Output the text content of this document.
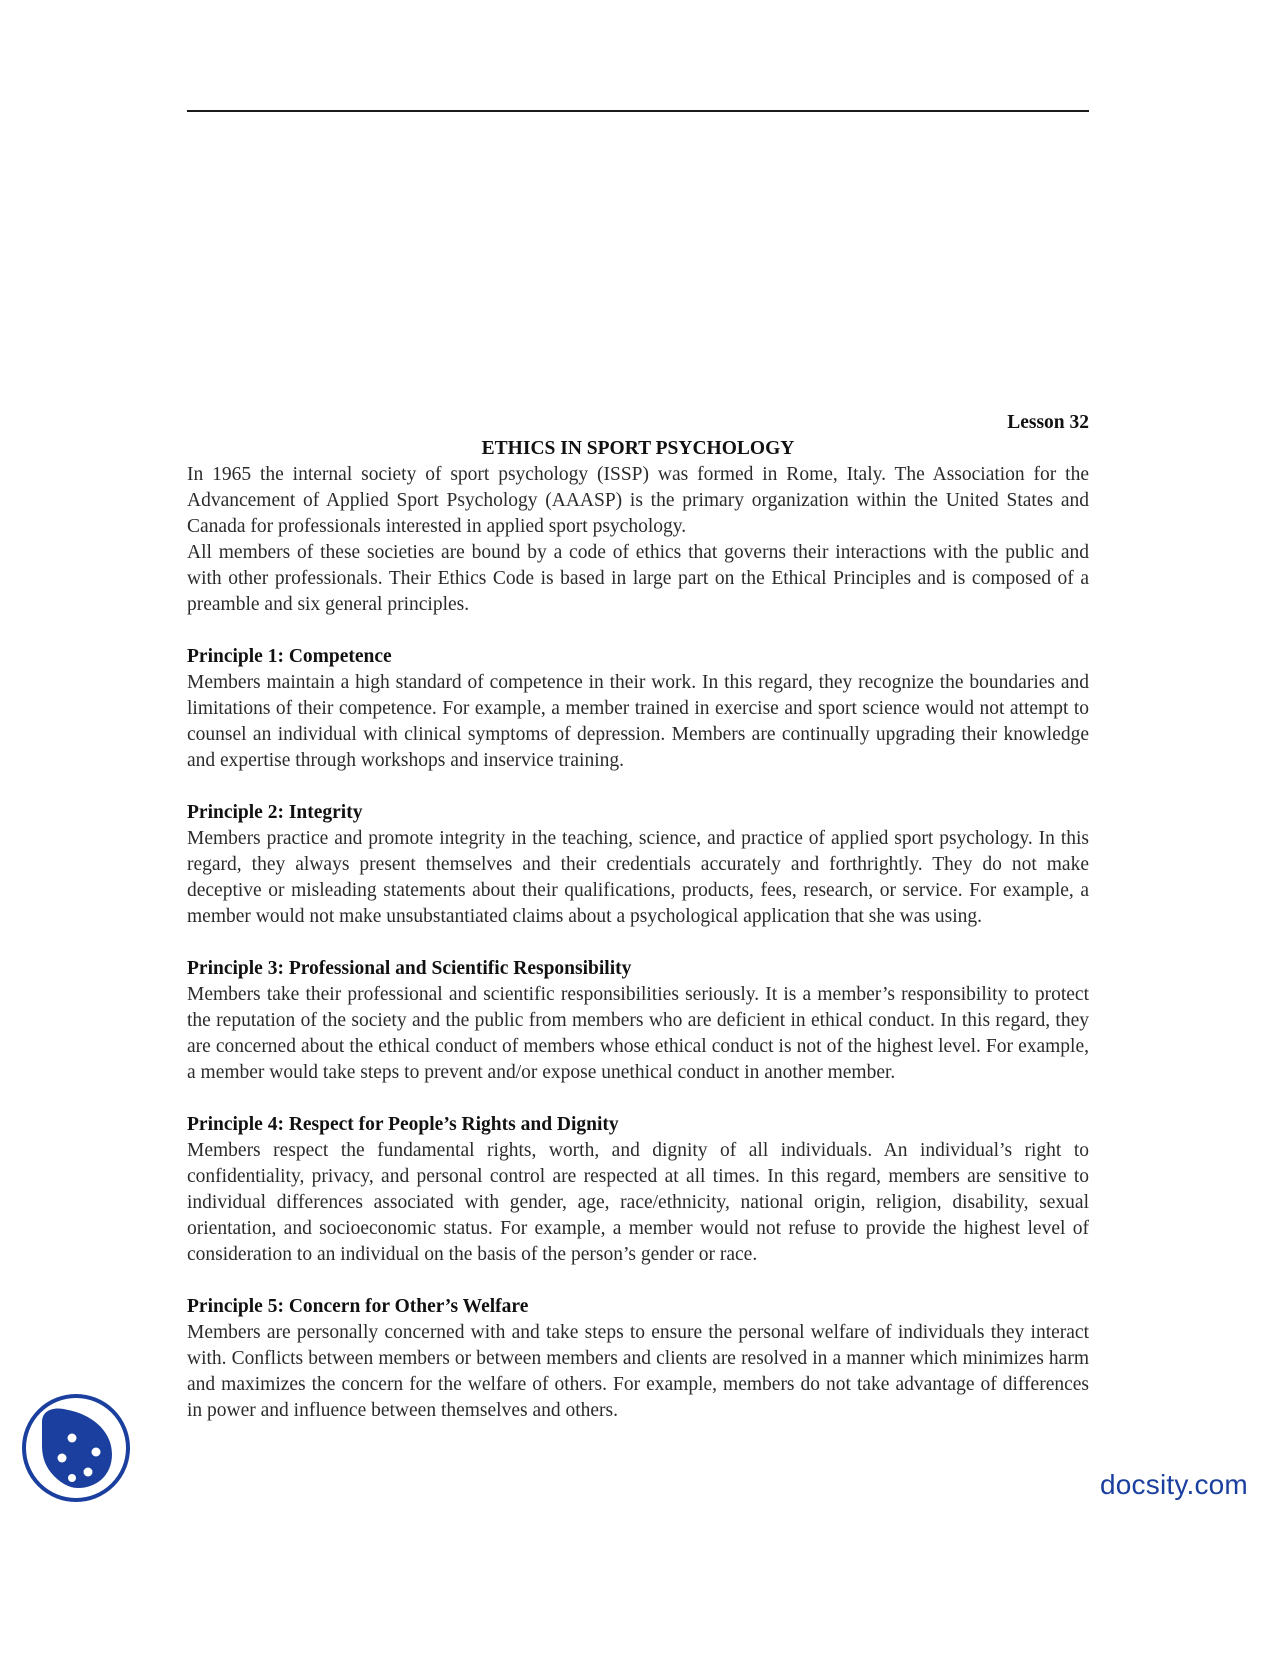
Lesson 32

ETHICS IN SPORT PSYCHOLOGY

In 1965 the internal society of sport psychology (ISSP) was formed in Rome, Italy. The Association for the Advancement of Applied Sport Psychology (AAASP) is the primary organization within the United States and Canada for professionals interested in applied sport psychology.

All members of these societies are bound by a code of ethics that governs their interactions with the public and with other professionals. Their Ethics Code is based in large part on the Ethical Principles and is composed of a preamble and six general principles.

Principle 1: Competence

Members maintain a high standard of competence in their work. In this regard, they recognize the boundaries and limitations of their competence. For example, a member trained in exercise and sport science would not attempt to counsel an individual with clinical symptoms of depression. Members are continually upgrading their knowledge and expertise through workshops and inservice training.

Principle 2: Integrity

Members practice and promote integrity in the teaching, science, and practice of applied sport psychology. In this regard, they always present themselves and their credentials accurately and forthrightly. They do not make deceptive or misleading statements about their qualifications, products, fees, research, or service. For example, a member would not make unsubstantiated claims about a psychological application that she was using.

Principle 3: Professional and Scientific Responsibility

Members take their professional and scientific responsibilities seriously. It is a member’s responsibility to protect the reputation of the society and the public from members who are deficient in ethical conduct. In this regard, they are concerned about the ethical conduct of members whose ethical conduct is not of the highest level. For example, a member would take steps to prevent and/or expose unethical conduct in another member.

Principle 4: Respect for People’s Rights and Dignity

Members respect the fundamental rights, worth, and dignity of all individuals. An individual’s right to confidentiality, privacy, and personal control are respected at all times. In this regard, members are sensitive to individual differences associated with gender, age, race/ethnicity, national origin, religion, disability, sexual orientation, and socioeconomic status. For example, a member would not refuse to provide the highest level of consideration to an individual on the basis of the person’s gender or race.

Principle 5: Concern for Other’s Welfare

Members are personally concerned with and take steps to ensure the personal welfare of individuals they interact with. Conflicts between members or between members and clients are resolved in a manner which minimizes harm and maximizes the concern for the welfare of others. For example, members do not take advantage of differences in power and influence between themselves and others.

docsity.com
